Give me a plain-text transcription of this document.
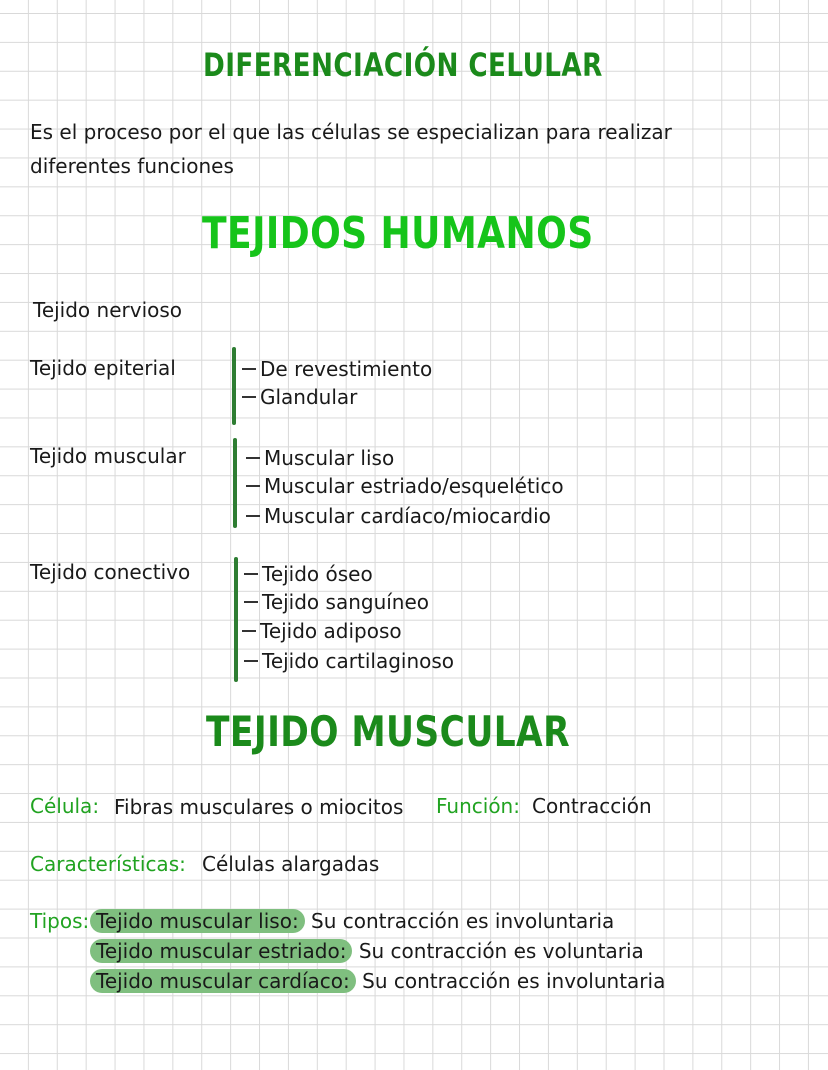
DIFERENCIACIÓN CELULAR
Es el proceso por el que las células se especializan para realizar
diferentes funciones
TEJIDOS HUMANOS
Tejido nervioso
Tejido epiterial	De revestimiento
Glandular
Tejido muscular	Muscular liso
Muscular estriado/esquelético
Muscular cardíaco/miocardio
Tejido conectivo	Tejido óseo
Tejido sanguíneo
Tejido adiposo
Tejido cartilaginoso
TEJIDO MUSCULAR
Célula: Fibras musculares o miocitos Función: Contracción
Características: Células alargadas
Tipos: Tejido muscular liso: Su contracción es involuntaria
Tejido muscular estriado: Su contracción es voluntaria
Tejido muscular cardíaco: Su contracción es involuntaria
